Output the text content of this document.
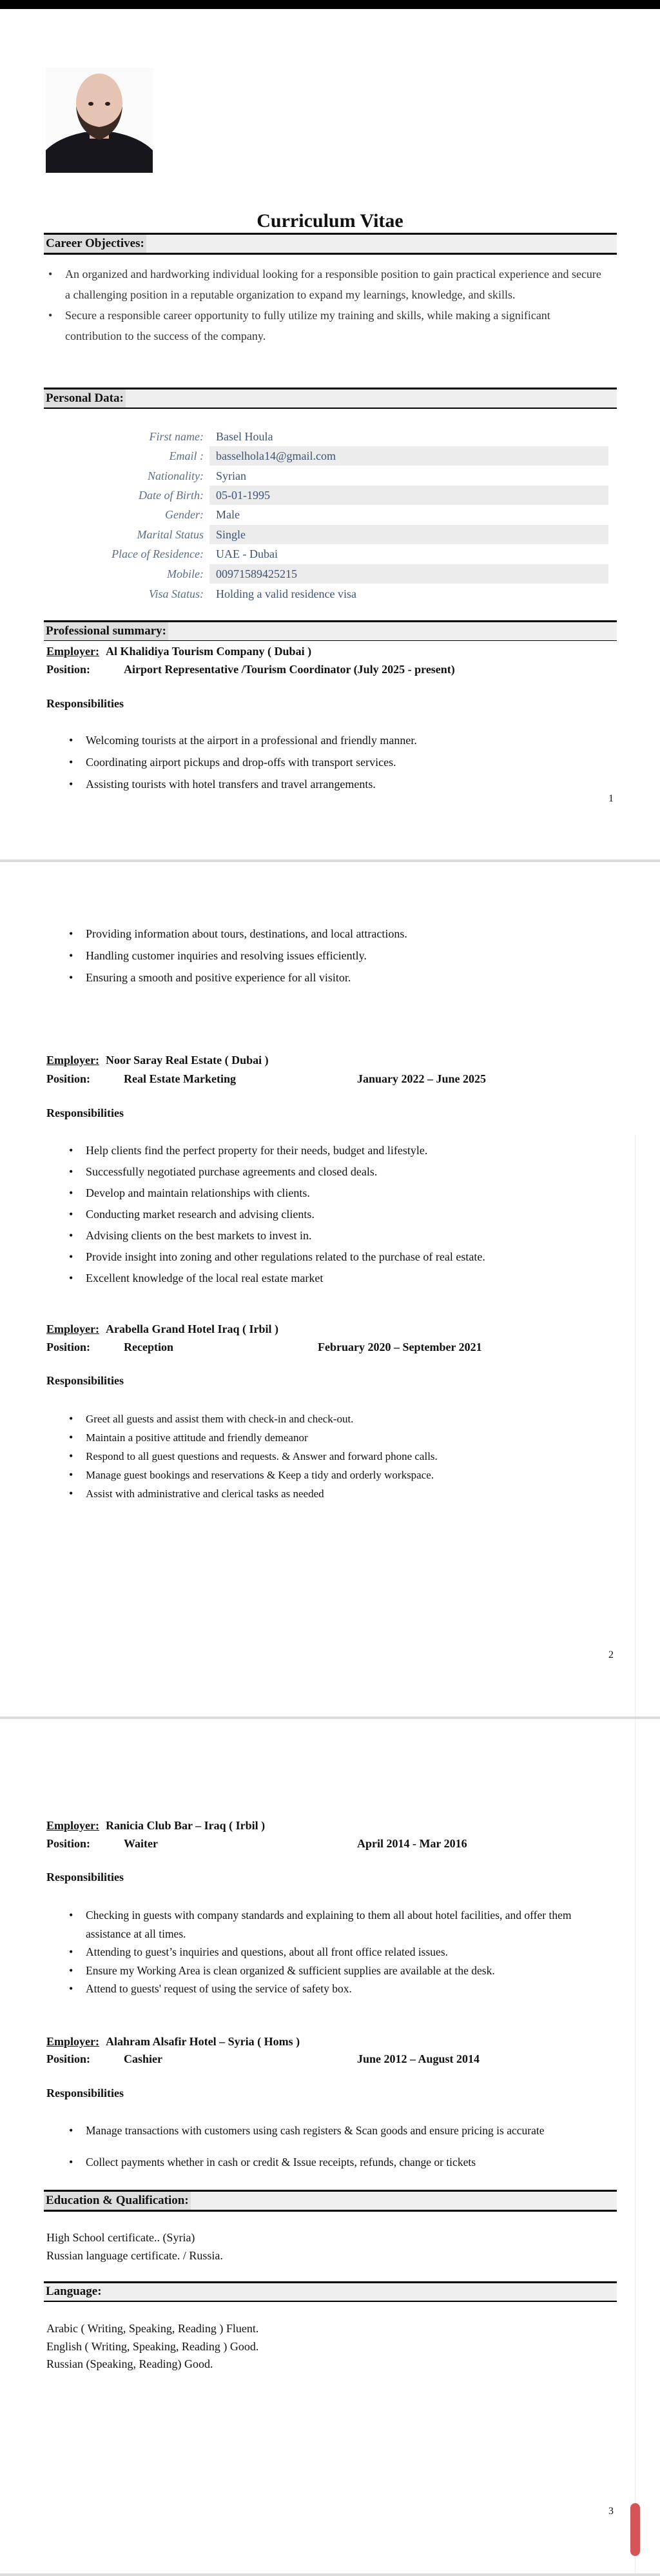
Curriculum Vitae
Career Objectives:
• An organized and hardworking individual looking for a responsible position to gain practical experience and secure a challenging position in a reputable organization to expand my learnings, knowledge, and skills.
• Secure a responsible career opportunity to fully utilize my training and skills, while making a significant contribution to the success of the company.
Personal Data:
First name:	Basel Houla
Email :	basselhola14@gmail.com
Nationality:	Syrian
Date of Birth:	05-01-1995
Gender:	Male
Marital Status	Single
Place of Residence:	UAE - Dubai
Mobile:	00971589425215
Visa Status:	Holding a valid residence visa
Professional summary:
Employer: Al Khalidiya Tourism Company ( Dubai )
Position:	Airport Representative /Tourism Coordinator (July 2025 - present)
Responsibilities
• Welcoming tourists at the airport in a professional and friendly manner.
• Coordinating airport pickups and drop-offs with transport services.
• Assisting tourists with hotel transfers and travel arrangements.
1
• Providing information about tours, destinations, and local attractions.
• Handling customer inquiries and resolving issues efficiently.
• Ensuring a smooth and positive experience for all visitor.
Employer: Noor Saray Real Estate ( Dubai )
Position:	Real Estate Marketing	January 2022 – June 2025
Responsibilities
• Help clients find the perfect property for their needs, budget and lifestyle.
• Successfully negotiated purchase agreements and closed deals.
• Develop and maintain relationships with clients.
• Conducting market research and advising clients.
• Advising clients on the best markets to invest in.
• Provide insight into zoning and other regulations related to the purchase of real estate.
• Excellent knowledge of the local real estate market
Employer: Arabella Grand Hotel Iraq ( Irbil )
Position:	Reception	February 2020 – September 2021
Responsibilities
• Greet all guests and assist them with check-in and check-out.
• Maintain a positive attitude and friendly demeanor
• Respond to all guest questions and requests. & Answer and forward phone calls.
• Manage guest bookings and reservations & Keep a tidy and orderly workspace.
• Assist with administrative and clerical tasks as needed
2
Employer: Ranicia Club Bar – Iraq ( Irbil )
Position:	Waiter	April 2014 - Mar 2016
Responsibilities
• Checking in guests with company standards and explaining to them all about hotel facilities, and offer them assistance at all times.
• Attending to guest’s inquiries and questions, about all front office related issues.
• Ensure my Working Area is clean organized & sufficient supplies are available at the desk.
• Attend to guests' request of using the service of safety box.
Employer: Alahram Alsafir Hotel – Syria ( Homs )
Position:	Cashier	June 2012 – August 2014
Responsibilities
• Manage transactions with customers using cash registers & Scan goods and ensure pricing is accurate
• Collect payments whether in cash or credit & Issue receipts, refunds, change or tickets
Education & Qualification:
High School certificate.. (Syria)
Russian language certificate. / Russia.
Language:
Arabic ( Writing, Speaking, Reading ) Fluent.
English ( Writing, Speaking, Reading ) Good.
Russian (Speaking, Reading) Good.
3
